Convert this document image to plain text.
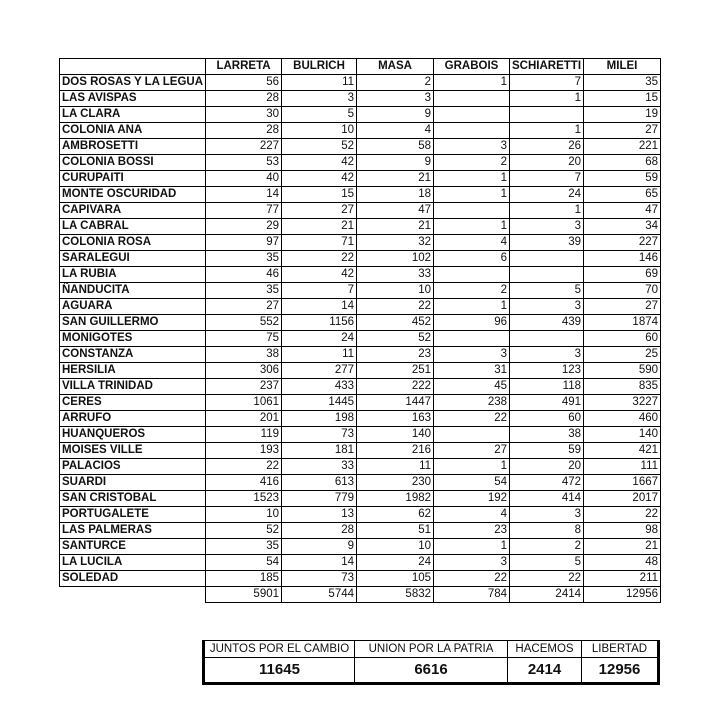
	LARRETA	BULRICH	MASA	GRABOIS	SCHIARETTI	MILEI
DOS ROSAS Y LA LEGUA	56	11	2	1	7	35
LAS AVISPAS	28	3	3		1	15
LA CLARA	30	5	9			19
COLONIA ANA	28	10	4		1	27
AMBROSETTI	227	52	58	3	26	221
COLONIA BOSSI	53	42	9	2	20	68
CURUPAITI	40	42	21	1	7	59
MONTE OSCURIDAD	14	15	18	1	24	65
CAPIVARA	77	27	47		1	47
LA CABRAL	29	21	21	1	3	34
COLONIA ROSA	97	71	32	4	39	227
SARALEGUI	35	22	102	6		146
LA RUBIA	46	42	33			69
ÑANDUCITA	35	7	10	2	5	70
AGUARA	27	14	22	1	3	27
SAN GUILLERMO	552	1156	452	96	439	1874
MONIGOTES	75	24	52			60
CONSTANZA	38	11	23	3	3	25
HERSILIA	306	277	251	31	123	590
VILLA TRINIDAD	237	433	222	45	118	835
CERES	1061	1445	1447	238	491	3227
ARRUFO	201	198	163	22	60	460
HUANQUEROS	119	73	140		38	140
MOISES VILLE	193	181	216	27	59	421
PALACIOS	22	33	11	1	20	111
SUARDI	416	613	230	54	472	1667
SAN CRISTOBAL	1523	779	1982	192	414	2017
PORTUGALETE	10	13	62	4	3	22
LAS PALMERAS	52	28	51	23	8	98
SANTURCE	35	9	10	1	2	21
LA LUCILA	54	14	24	3	5	48
SOLEDAD	185	73	105	22	22	211
	5901	5744	5832	784	2414	12956
JUNTOS POR EL CAMBIO	UNION POR LA PATRIA	HACEMOS	LIBERTAD
11645	6616	2414	12956
